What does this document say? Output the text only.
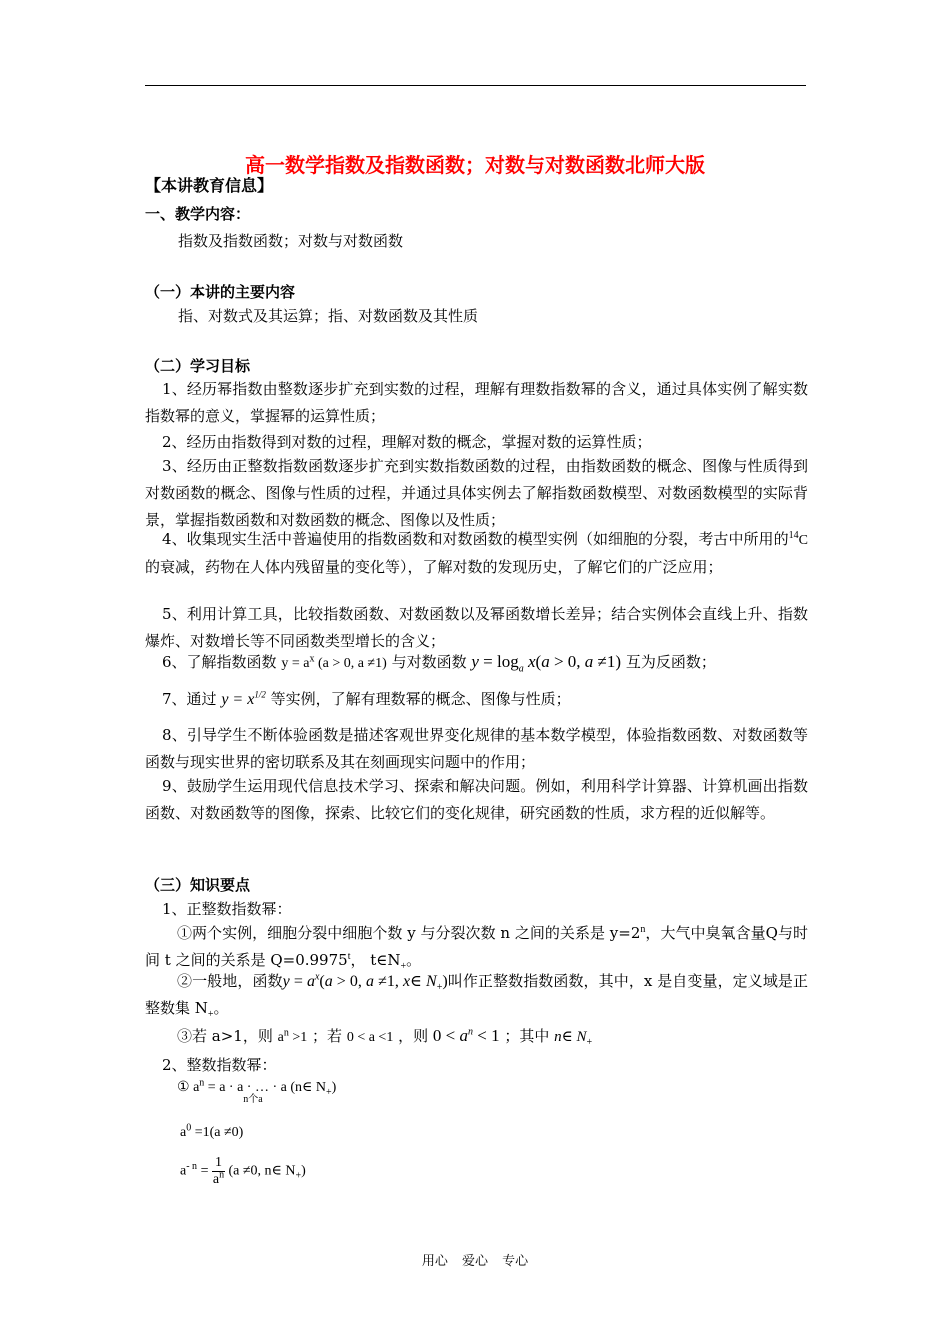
高一数学指数及指数函数；对数与对数函数北师大版
【本讲教育信息】
一、教学内容：
指数及指数函数；对数与对数函数
（一）本讲的主要内容
指、对数式及其运算；指、对数函数及其性质
（二）学习目标
1、经历幂指数由整数逐步扩充到实数的过程，理解有理数指数幂的含义，通过具体实例了解实数指数幂的意义，掌握幂的运算性质；
2、经历由指数得到对数的过程，理解对数的概念，掌握对数的运算性质；
3、经历由正整数指数函数逐步扩充到实数指数函数的过程，由指数函数的概念、图像与性质得到对数函数的概念、图像与性质的过程，并通过具体实例去了解指数函数模型、对数函数模型的实际背景，掌握指数函数和对数函数的概念、图像以及性质；
4、收集现实生活中普遍使用的指数函数和对数函数的模型实例（如细胞的分裂，考古中所用的$^{14}$C的衰减，药物在人体内残留量的变化等），了解对数的发现历史，了解它们的广泛应用；
5、利用计算工具，比较指数函数、对数函数以及幂函数增长差异；结合实例体会直线上升、指数爆炸、对数增长等不同函数类型增长的含义；
6、了解指数函数 $y = a^x$ (a > 0, a ≠1) 与对数函数 $y = \log_a x(a > 0$, a ≠1) 互为反函数；
7、通过 $y = x^{1/2}$ 等实例，了解有理数幂的概念、图像与性质；
8、引导学生不断体验函数是描述客观世界变化规律的基本数学模型，体验指数函数、对数函数等函数与现实世界的密切联系及其在刻画现实问题中的作用；
9、鼓励学生运用现代信息技术学习、探索和解决问题。例如，利用科学计算器、计算机画出指数函数、对数函数等的图像，探索、比较它们的变化规律，研究函数的性质，求方程的近似解等。
（三）知识要点
1、正整数指数幂：
①两个实例，细胞分裂中细胞个数 y 与分裂次数 n 之间的关系是 $y=2^n$，大气中臭氧含量Q与时间 t 之间的关系是 $Q=0.9975^t$， $t\in N_+$。
②一般地，函数$y = a^x(a > 0$, a ≠1, x∈ $N_+$)叫作正整数指数函数，其中，x 是自变量，定义域是正整数集 $N_+$。
③若 a>1，则 $a^n >1$ ；若 0 < a <1 ，则 $0 < a^n < 1$ ；其中 n∈ $N_+$
2、整数指数幂：
① $a^n = a \cdot a$ · … · a
n个a
(n∈ $N_+$)
$a^0 =1(a \ne 0)$
$a^{- n} = \frac{1}{a^n} (a \ne 0$, n∈ $N_+$)
用心 爱心 专心
